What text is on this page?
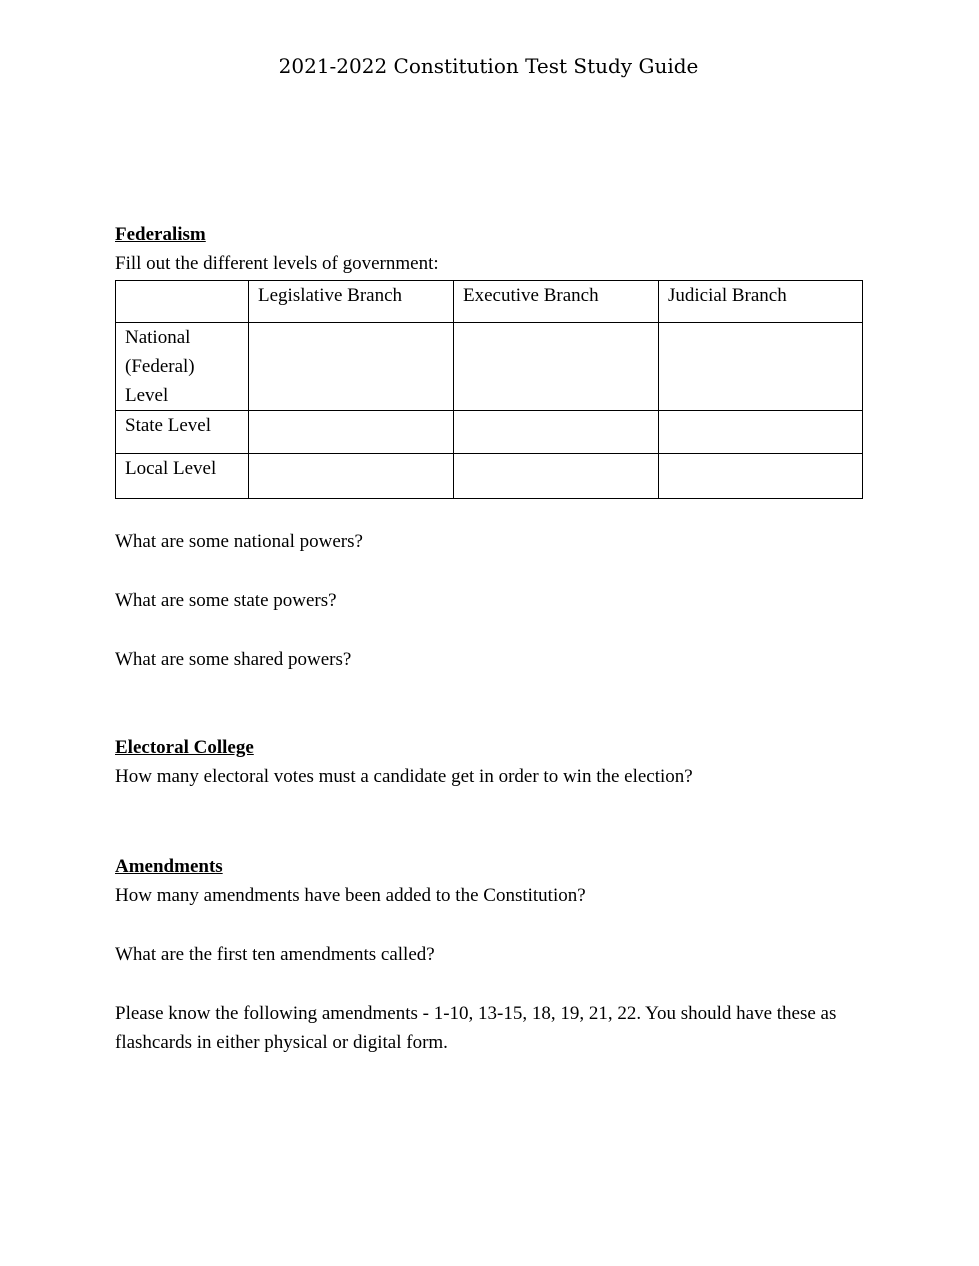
2021-2022 Constitution Test Study Guide
Federalism
Fill out the different levels of government:
	Legislative Branch	Executive Branch	Judicial Branch
National (Federal) Level			
State Level			
Local Level			
What are some national powers?
What are some state powers?
What are some shared powers?
Electoral College
How many electoral votes must a candidate get in order to win the election?
Amendments
How many amendments have been added to the Constitution?
What are the first ten amendments called?
Please know the following amendments - 1-10, 13-15, 18, 19, 21, 22. You should have these as flashcards in either physical or digital form.
